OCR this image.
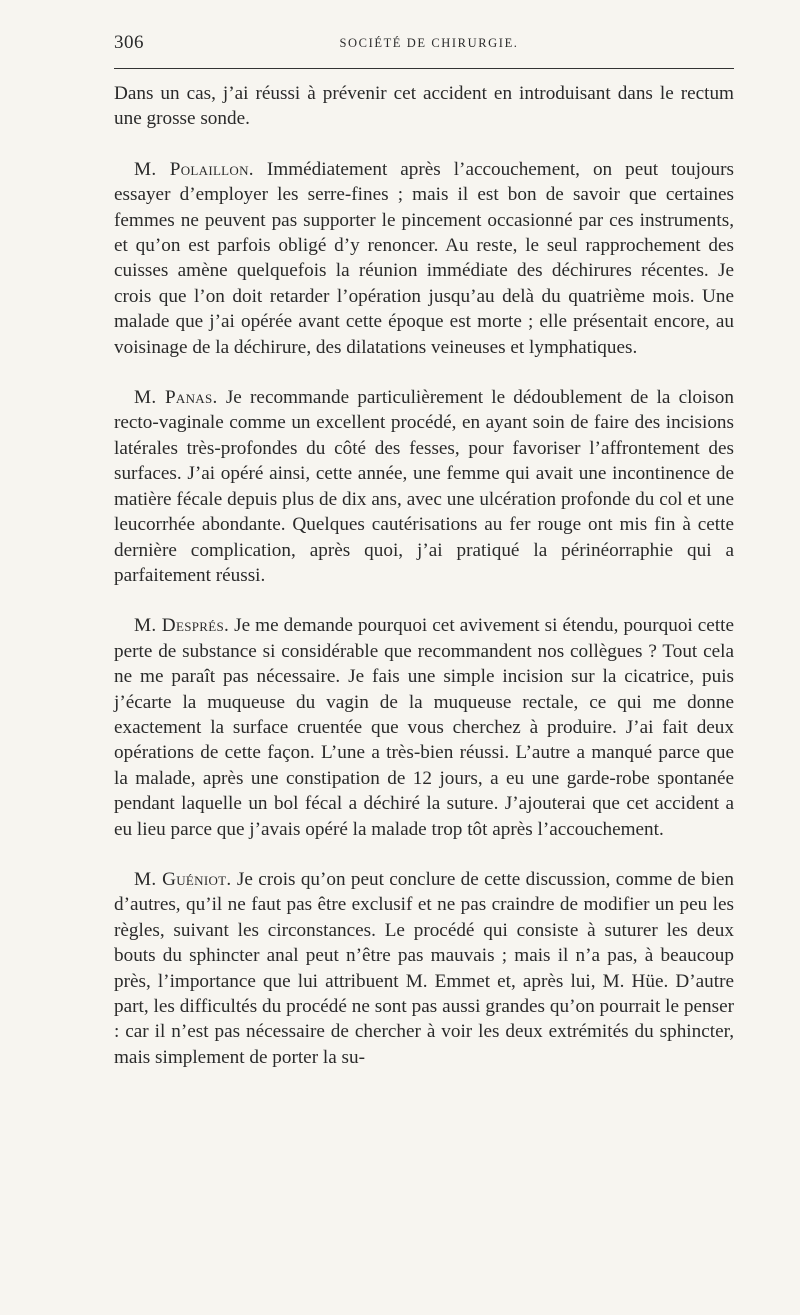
306	SOCIÉTÉ DE CHIRURGIE.

Dans un cas, j’ai réussi à prévenir cet accident en introduisant dans le rectum une grosse sonde.

M. Polaillon. Immédiatement après l’accouchement, on peut toujours essayer d’employer les serre-fines ; mais il est bon de savoir que certaines femmes ne peuvent pas supporter le pincement occasionné par ces instruments, et qu’on est parfois obligé d’y renoncer. Au reste, le seul rapprochement des cuisses amène quelquefois la réunion immédiate des déchirures récentes. Je crois que l’on doit retarder l’opération jusqu’au delà du quatrième mois. Une malade que j’ai opérée avant cette époque est morte ; elle présentait encore, au voisinage de la déchirure, des dilatations veineuses et lymphatiques.

M. Panas. Je recommande particulièrement le dédoublement de la cloison recto-vaginale comme un excellent procédé, en ayant soin de faire des incisions latérales très-profondes du côté des fesses, pour favoriser l’affrontement des surfaces. J’ai opéré ainsi, cette année, une femme qui avait une incontinence de matière fécale depuis plus de dix ans, avec une ulcération profonde du col et une leucorrhée abondante. Quelques cautérisations au fer rouge ont mis fin à cette dernière complication, après quoi, j’ai pratiqué la périnéorraphie qui a parfaitement réussi.

M. Després. Je me demande pourquoi cet avivement si étendu, pourquoi cette perte de substance si considérable que recommandent nos collègues ? Tout cela ne me paraît pas nécessaire. Je fais une simple incision sur la cicatrice, puis j’écarte la muqueuse du vagin de la muqueuse rectale, ce qui me donne exactement la surface cruentée que vous cherchez à produire. J’ai fait deux opérations de cette façon. L’une a très-bien réussi. L’autre a manqué parce que la malade, après une constipation de 12 jours, a eu une garde-robe spontanée pendant laquelle un bol fécal a déchiré la suture. J’ajouterai que cet accident a eu lieu parce que j’avais opéré la malade trop tôt après l’accouchement.

M. Guéniot. Je crois qu’on peut conclure de cette discussion, comme de bien d’autres, qu’il ne faut pas être exclusif et ne pas craindre de modifier un peu les règles, suivant les circonstances. Le procédé qui consiste à suturer les deux bouts du sphincter anal peut n’être pas mauvais ; mais il n’a pas, à beaucoup près, l’importance que lui attribuent M. Emmet et, après lui, M. Hüe. D’autre part, les difficultés du procédé ne sont pas aussi grandes qu’on pourrait le penser : car il n’est pas nécessaire de chercher à voir les deux extrémités du sphincter, mais simplement de porter la su-
